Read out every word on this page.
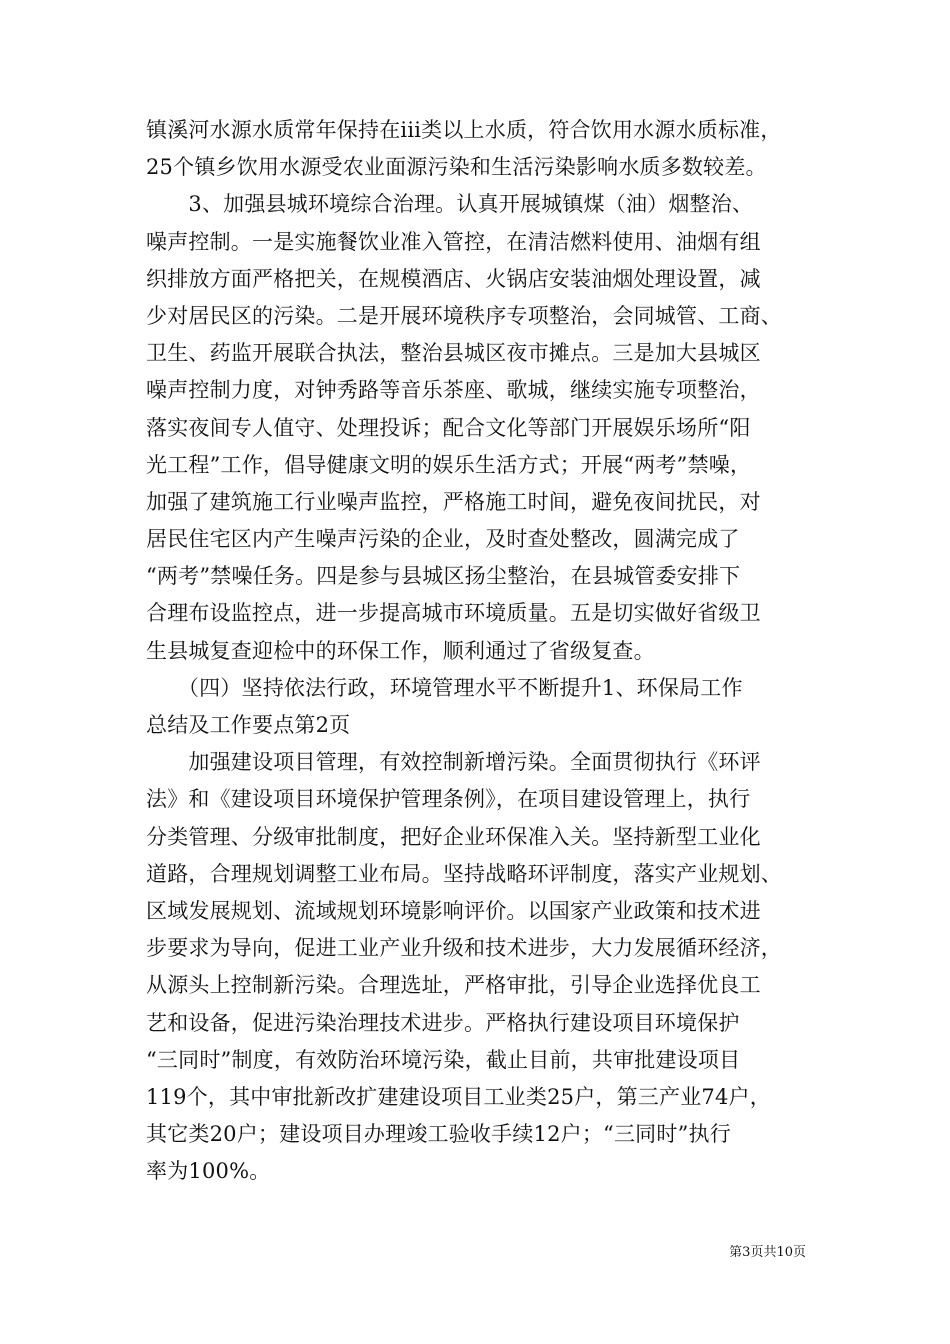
镇溪河水源水质常年保持在iii类以上水质，符合饮用水源水质标准，
25个镇乡饮用水源受农业面源污染和生活污染影响水质多数较差。
　　3、加强县城环境综合治理。认真开展城镇煤（油）烟整治、
噪声控制。一是实施餐饮业准入管控，在清洁燃料使用、油烟有组
织排放方面严格把关，在规模酒店、火锅店安装油烟处理设置，减
少对居民区的污染。二是开展环境秩序专项整治，会同城管、工商、
卫生、药监开展联合执法，整治县城区夜市摊点。三是加大县城区
噪声控制力度，对钟秀路等音乐茶座、歌城，继续实施专项整治，
落实夜间专人值守、处理投诉；配合文化等部门开展娱乐场所“阳
光工程”工作，倡导健康文明的娱乐生活方式；开展“两考”禁噪，
加强了建筑施工行业噪声监控，严格施工时间，避免夜间扰民，对
居民住宅区内产生噪声污染的企业，及时查处整改，圆满完成了
“两考”禁噪任务。四是参与县城区扬尘整治，在县城管委安排下
合理布设监控点，进一步提高城市环境质量。五是切实做好省级卫
生县城复查迎检中的环保工作，顺利通过了省级复查。
　　（四）坚持依法行政，环境管理水平不断提升1、环保局工作
总结及工作要点第2页
　　加强建设项目管理，有效控制新增污染。全面贯彻执行《环评
法》和《建设项目环境保护管理条例》，在项目建设管理上，执行
分类管理、分级审批制度，把好企业环保准入关。坚持新型工业化
道路，合理规划调整工业布局。坚持战略环评制度，落实产业规划、
区域发展规划、流域规划环境影响评价。以国家产业政策和技术进
步要求为导向，促进工业产业升级和技术进步，大力发展循环经济，
从源头上控制新污染。合理选址，严格审批，引导企业选择优良工
艺和设备，促进污染治理技术进步。严格执行建设项目环境保护
“三同时”制度，有效防治环境污染，截止目前，共审批建设项目
119个，其中审批新改扩建建设项目工业类25户，第三产业74户，
其它类20户；建设项目办理竣工验收手续12户；“三同时”执行
率为100%。
第3页共10页
